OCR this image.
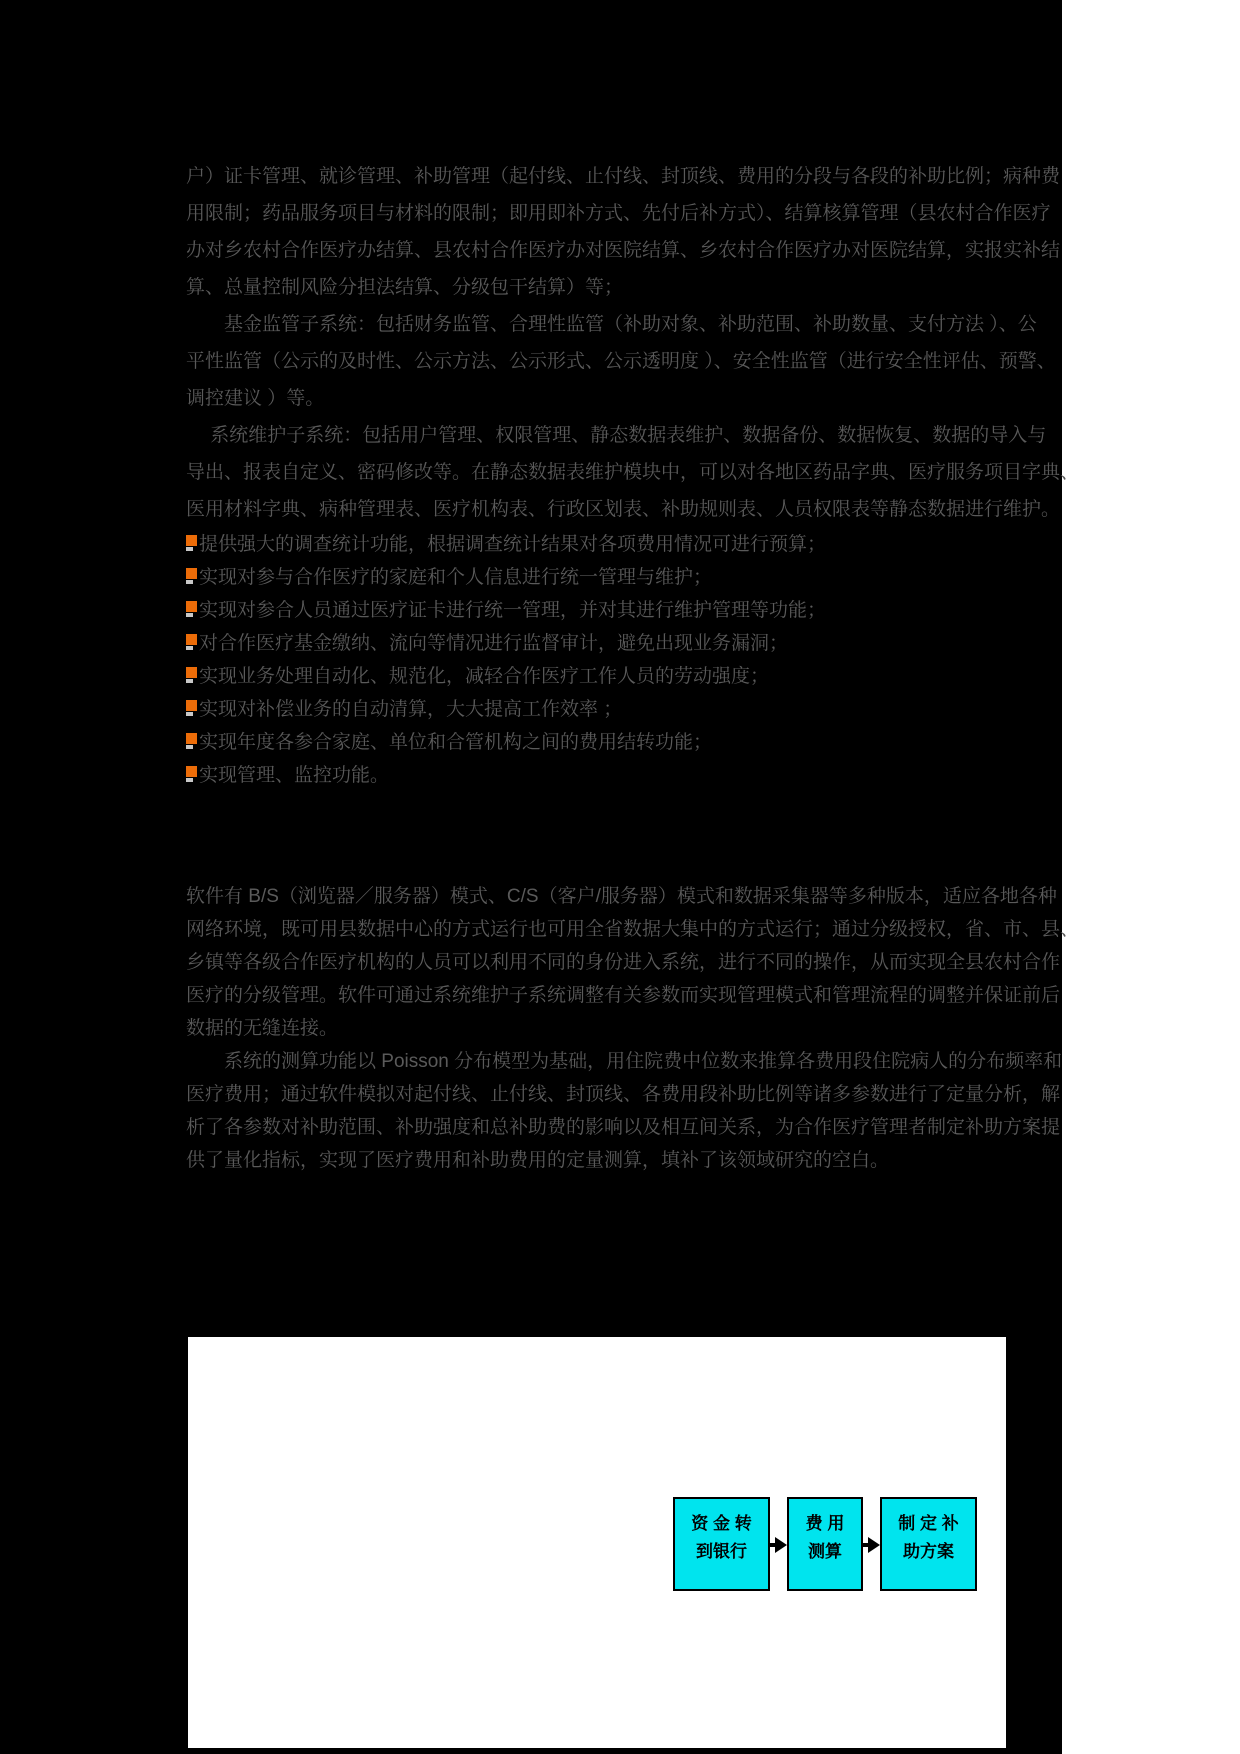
户）证卡管理、就诊管理、补助管理（起付线、止付线、封顶线、费用的分段与各段的补助比例；病种费
用限制；药品服务项目与材料的限制；即用即补方式、先付后补方式）、结算核算管理（县农村合作医疗
办对乡农村合作医疗办结算、县农村合作医疗办对医院结算、乡农村合作医疗办对医院结算，实报实补结
算、总量控制风险分担法结算、分级包干结算）等；
　　基金监管子系统：包括财务监管、合理性监管（补助对象、补助范围、补助数量、支付方法 ）、公
平性监管（公示的及时性、公示方法、公示形式、公示透明度 ）、安全性监管（进行安全性评估、预警、
调控建议 ）等。
　 系统维护子系统：包括用户管理、权限管理、静态数据表维护、数据备份、数据恢复、数据的导入与
导出、报表自定义、密码修改等。在静态数据表维护模块中，可以对各地区药品字典、医疗服务项目字典、
医用材料字典、病种管理表、医疗机构表、行政区划表、补助规则表、人员权限表等静态数据进行维护。
提供强大的调查统计功能，根据调查统计结果对各项费用情况可进行预算；
实现对参与合作医疗的家庭和个人信息进行统一管理与维护；
实现对参合人员通过医疗证卡进行统一管理，并对其进行维护管理等功能；
对合作医疗基金缴纳、流向等情况进行监督审计，避免出现业务漏洞；
实现业务处理自动化、规范化，减轻合作医疗工作人员的劳动强度；
实现对补偿业务的自动清算，大大提高工作效率 ；
实现年度各参合家庭、单位和合管机构之间的费用结转功能；
实现管理、监控功能。
软件有 B/S（浏览器／服务器）模式、C/S（客户/服务器）模式和数据采集器等多种版本，适应各地各种
网络环境，既可用县数据中心的方式运行也可用全省数据大集中的方式运行；通过分级授权，省、市、县、
乡镇等各级合作医疗机构的人员可以利用不同的身份进入系统，进行不同的操作，从而实现全县农村合作
医疗的分级管理。软件可通过系统维护子系统调整有关参数而实现管理模式和管理流程的调整并保证前后
数据的无缝连接。
　　系统的测算功能以 Poisson 分布模型为基础，用住院费中位数来推算各费用段住院病人的分布频率和
医疗费用；通过软件模拟对起付线、止付线、封顶线、各费用段补助比例等诸多参数进行了定量分析，解
析了各参数对补助范围、补助强度和总补助费的影响以及相互间关系，为合作医疗管理者制定补助方案提
供了量化指标，实现了医疗费用和补助费用的定量测算，填补了该领域研究的空白。
资 金 转
到银行
费 用
测算
制 定 补
助方案
